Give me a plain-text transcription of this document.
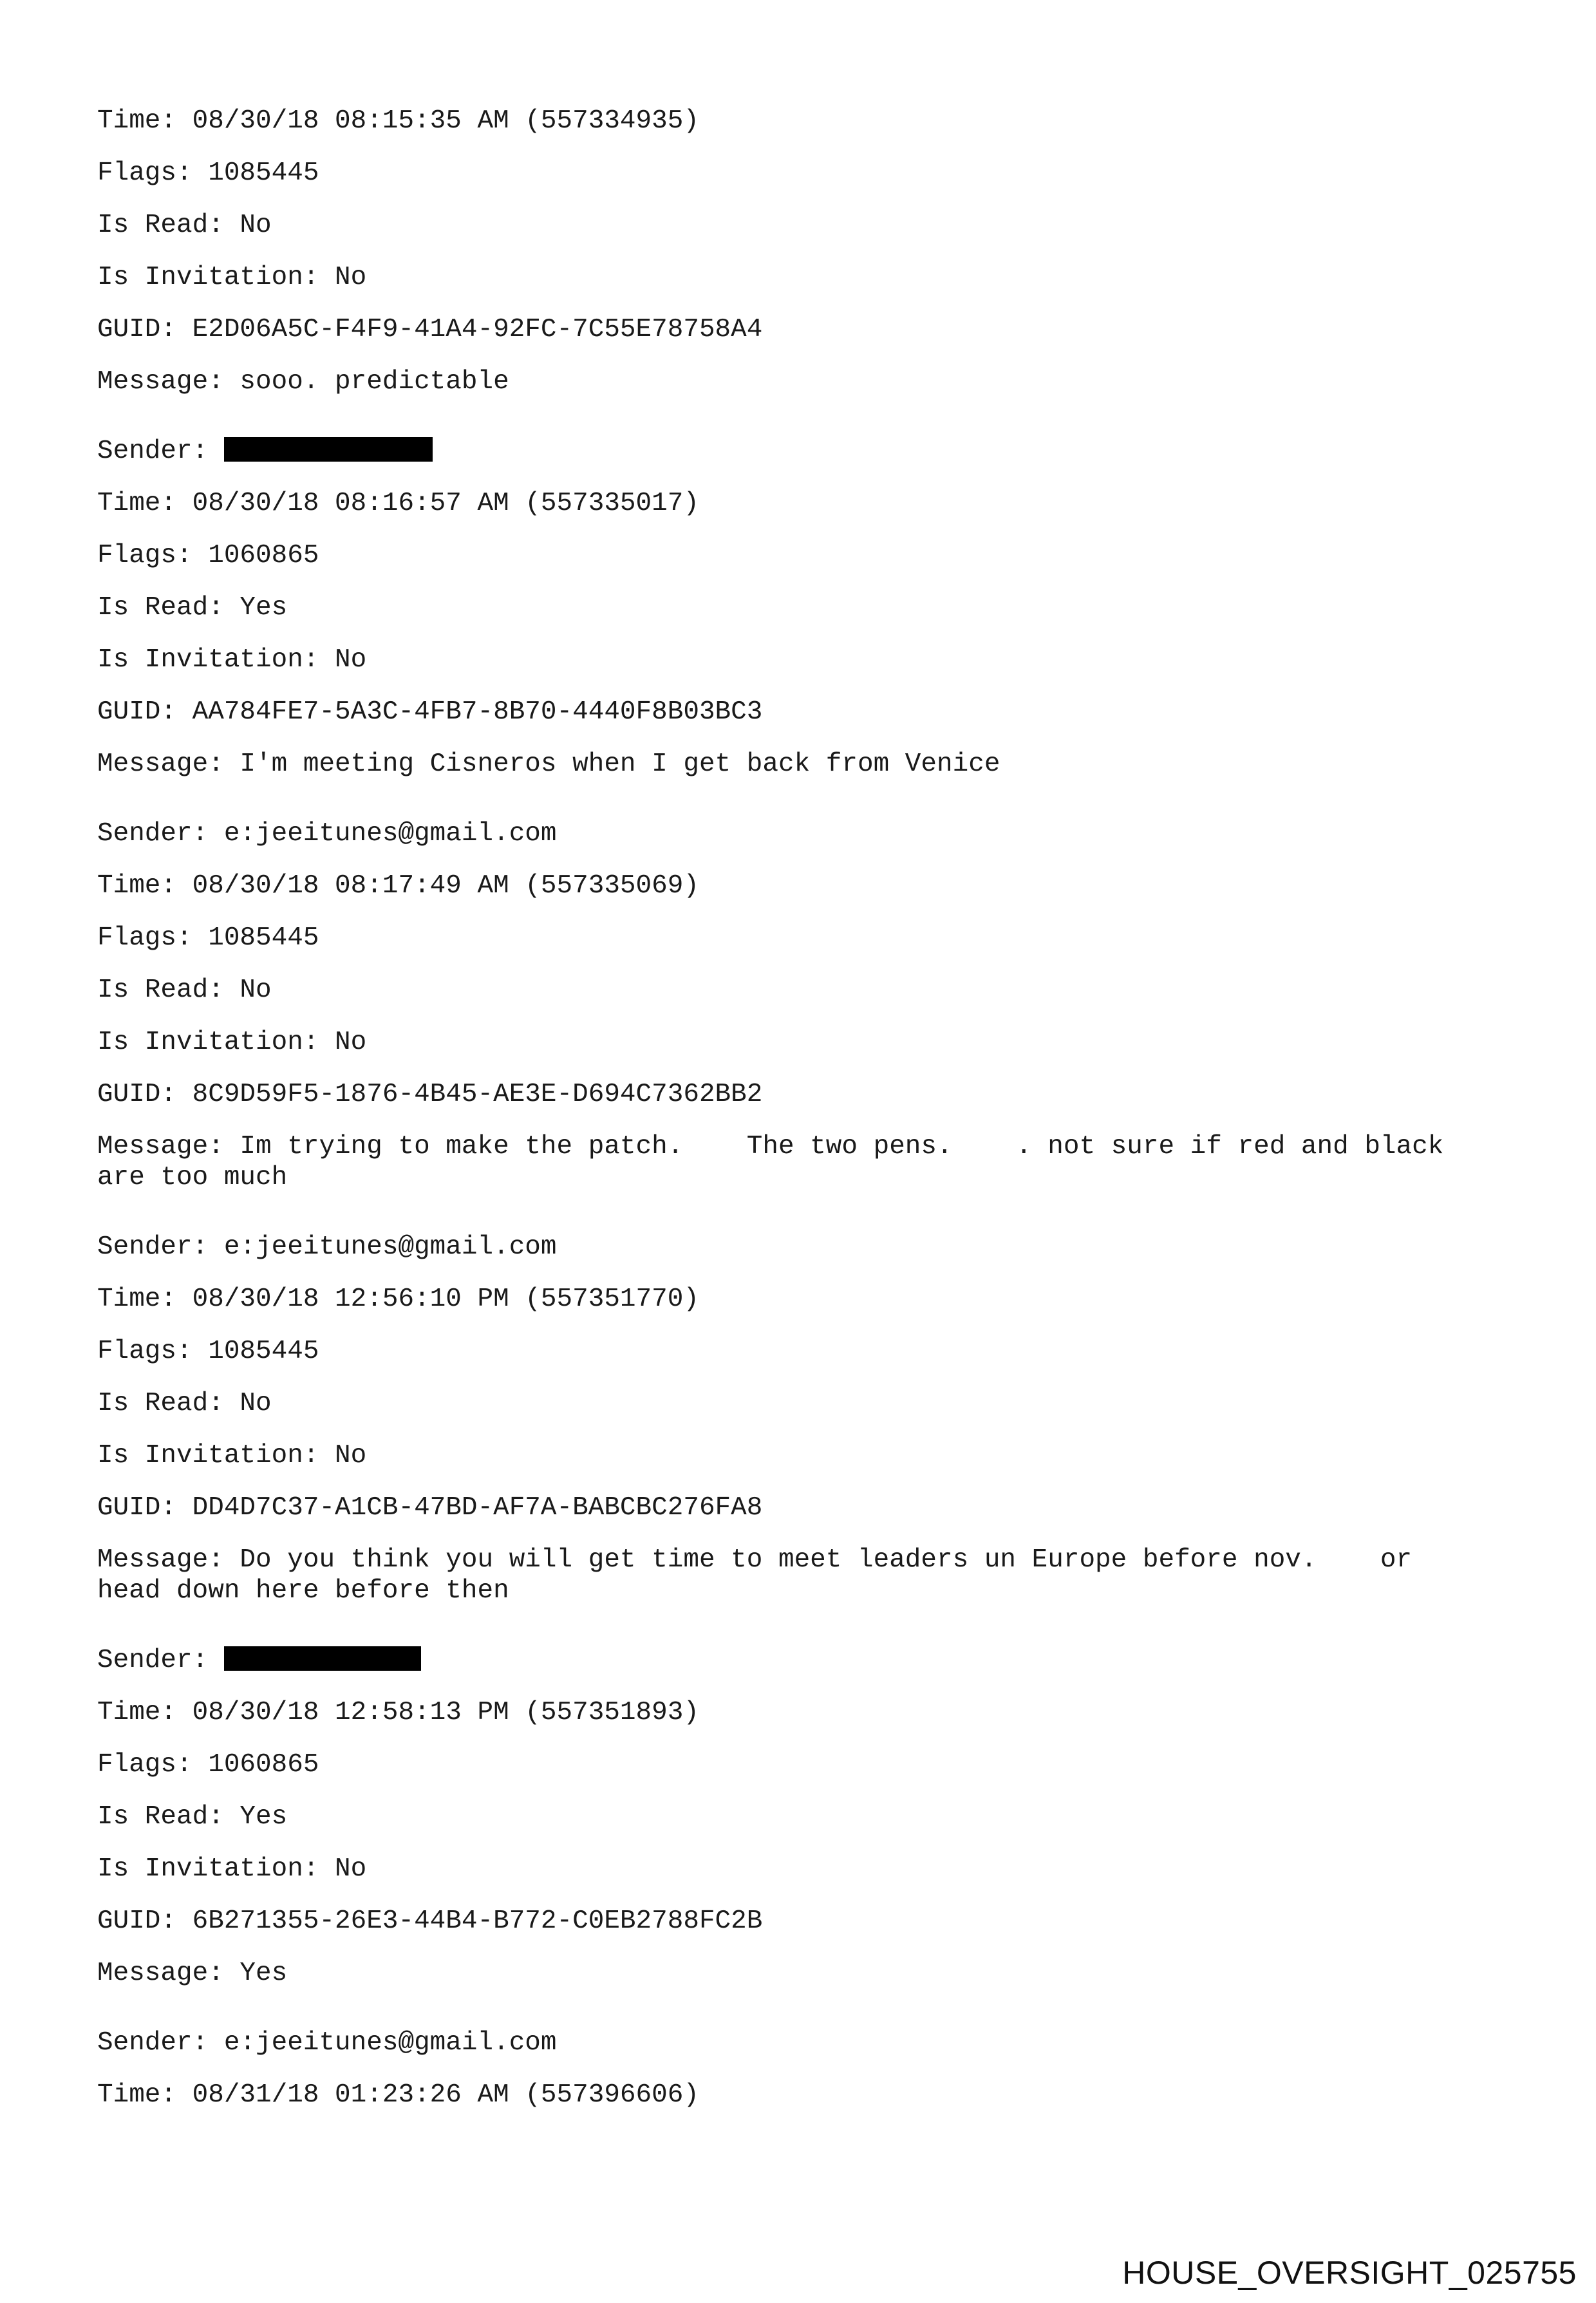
Time: 08/30/18 08:15:35 AM (557334935)
Flags: 1085445
Is Read: No
Is Invitation: No
GUID: E2D06A5C-F4F9-41A4-92FC-7C55E78758A4
Message: sooo. predictable
Sender:
Time: 08/30/18 08:16:57 AM (557335017)
Flags: 1060865
Is Read: Yes
Is Invitation: No
GUID: AA784FE7-5A3C-4FB7-8B70-4440F8B03BC3
Message: I'm meeting Cisneros when I get back from Venice
Sender: e:jeeitunes@gmail.com
Time: 08/30/18 08:17:49 AM (557335069)
Flags: 1085445
Is Read: No
Is Invitation: No
GUID: 8C9D59F5-1876-4B45-AE3E-D694C7362BB2
Message: Im trying to make the patch.    The two pens.    . not sure if red and black
are too much
Sender: e:jeeitunes@gmail.com
Time: 08/30/18 12:56:10 PM (557351770)
Flags: 1085445
Is Read: No
Is Invitation: No
GUID: DD4D7C37-A1CB-47BD-AF7A-BABCBC276FA8
Message: Do you think you will get time to meet leaders un Europe before nov.    or
head down here before then
Sender:
Time: 08/30/18 12:58:13 PM (557351893)
Flags: 1060865
Is Read: Yes
Is Invitation: No
GUID: 6B271355-26E3-44B4-B772-C0EB2788FC2B
Message: Yes
Sender: e:jeeitunes@gmail.com
Time: 08/31/18 01:23:26 AM (557396606)
HOUSE_OVERSIGHT_025755
